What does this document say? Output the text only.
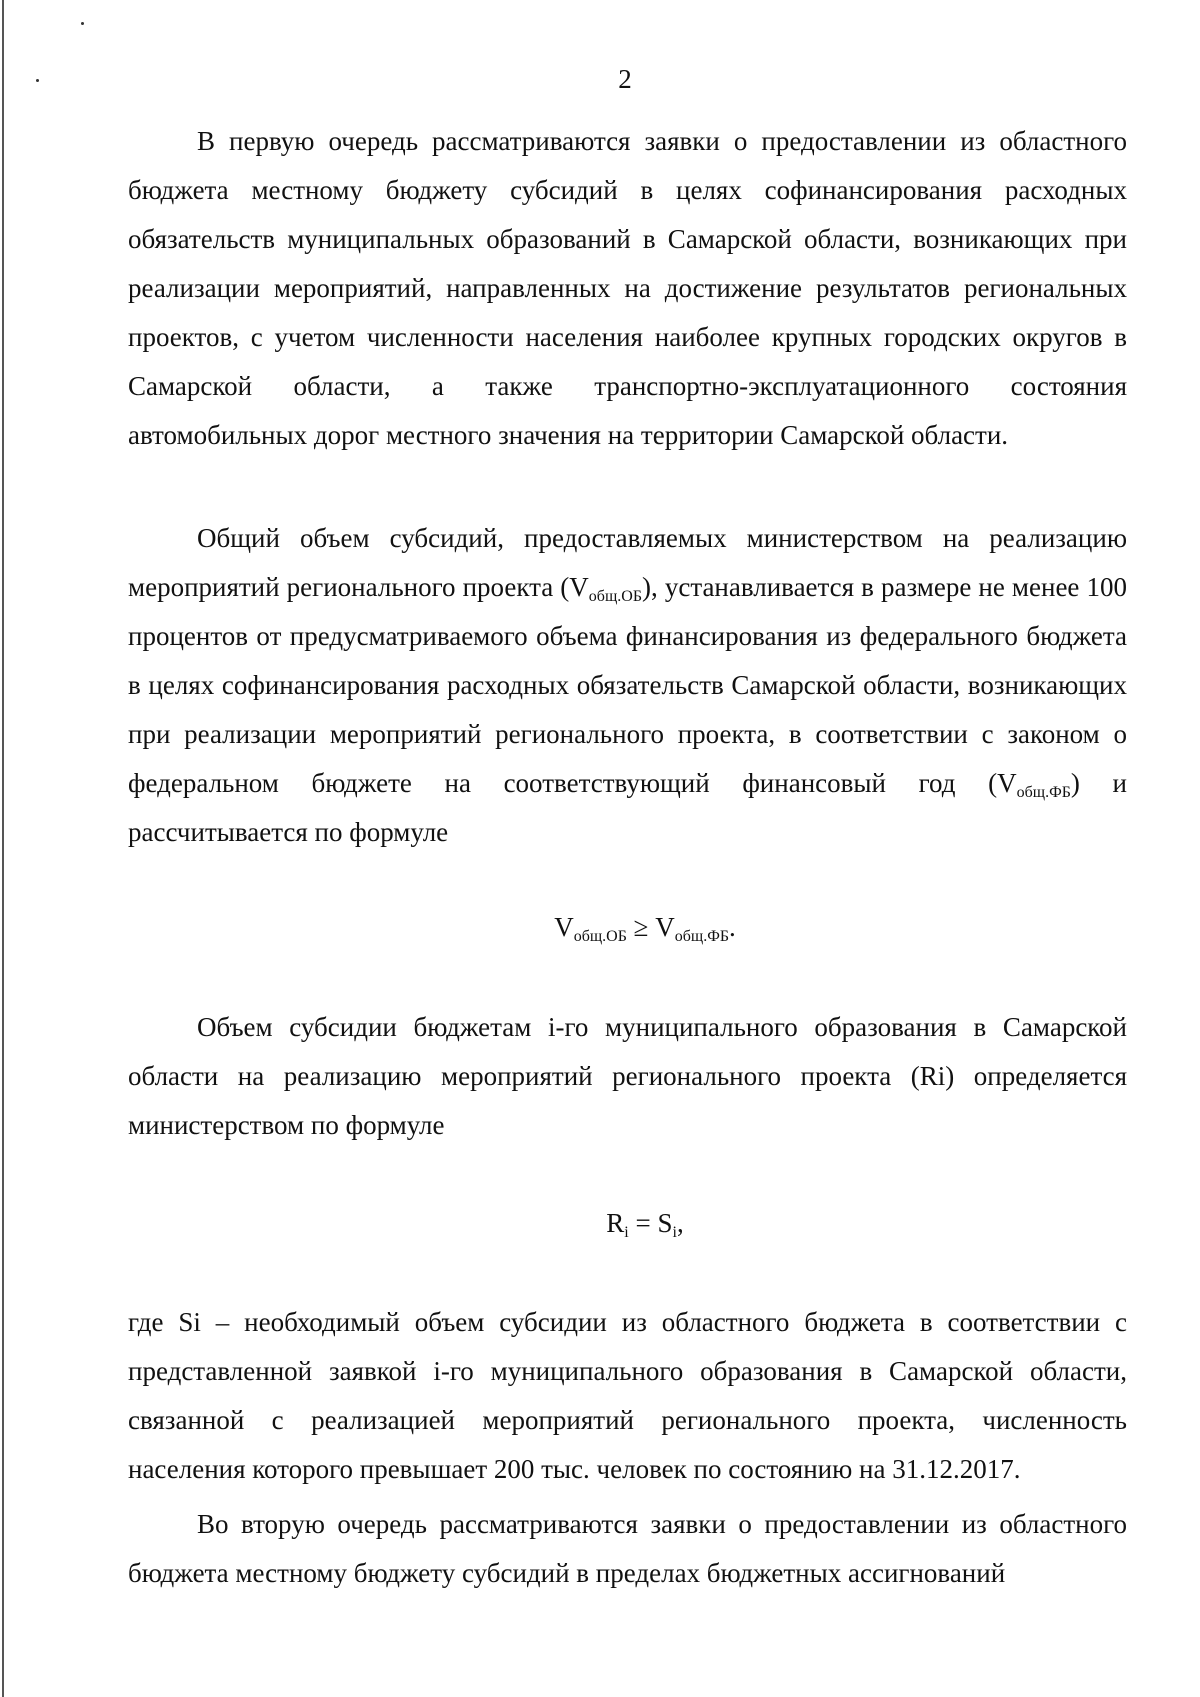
2

В первую очередь рассматриваются заявки о предоставлении из областного бюджета местному бюджету субсидий в целях софинансирования расходных обязательств муниципальных образований в Самарской области, возникающих при реализации мероприятий, направленных на достижение результатов региональных проектов, с учетом численности населения наиболее крупных городских округов в Самарской области, а также транспортно-эксплуатационного состояния автомобильных дорог местного значения на территории Самарской области.

Общий объем субсидий, предоставляемых министерством на реализацию мероприятий регионального проекта $(V_{общ.ОБ})$, устанавливается в размере не менее 100 процентов от предусматриваемого объема финансирования из федерального бюджета в целях софинансирования расходных обязательств Самарской области, возникающих при реализации мероприятий регионального проекта, в соответствии с законом о федеральном бюджете на соответствующий финансовый год $(V_{общ.ФБ})$ и рассчитывается по формуле

$V_{общ.ОБ} \ge V_{общ.ФБ}$.

Объем субсидии бюджетам i-го муниципального образования в Самарской области на реализацию мероприятий регионального проекта (Ri) определяется министерством по формуле

$R_i = S_i$,

где Si – необходимый объем субсидии из областного бюджета в соответствии с представленной заявкой i-го муниципального образования в Самарской области, связанной с реализацией мероприятий регионального проекта, численность населения которого превышает 200 тыс. человек по состоянию на 31.12.2017.

Во вторую очередь рассматриваются заявки о предоставлении из областного бюджета местному бюджету субсидий в пределах бюджетных ассигнований
